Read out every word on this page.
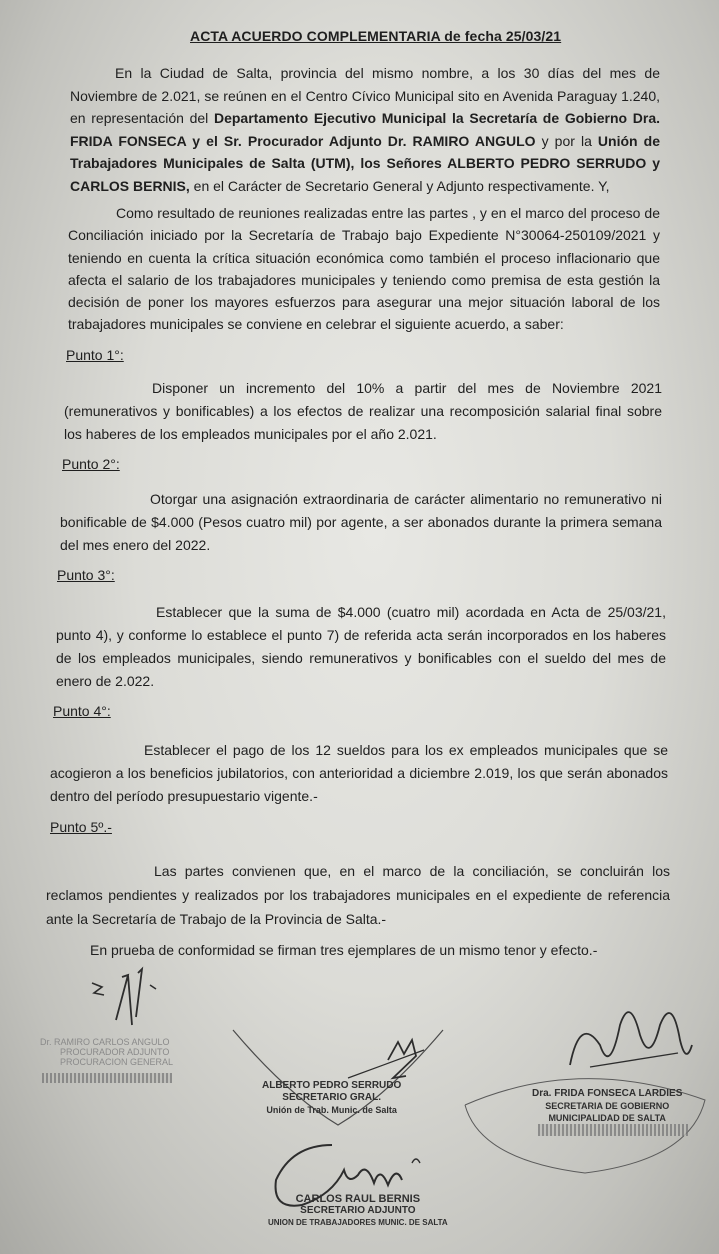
ACTA ACUERDO COMPLEMENTARIA de fecha 25/03/21

En la Ciudad de Salta, provincia del mismo nombre, a los 30 días del mes de Noviembre de 2.021, se reúnen en el Centro Cívico Municipal sito en Avenida Paraguay 1.240, en representación del Departamento Ejecutivo Municipal la Secretaría de Gobierno Dra. FRIDA FONSECA y el Sr. Procurador Adjunto Dr. RAMIRO ANGULO y por la Unión de Trabajadores Municipales de Salta (UTM), los Señores ALBERTO PEDRO SERRUDO y CARLOS BERNIS, en el Carácter de Secretario General y Adjunto respectivamente. Y,

Como resultado de reuniones realizadas entre las partes , y en el marco del proceso de Conciliación iniciado por la Secretaría de Trabajo bajo Expediente N°30064-250109/2021 y teniendo en cuenta la crítica situación económica como también el proceso inflacionario que afecta el salario de los trabajadores municipales y teniendo como premisa de esta gestión la decisión de poner los mayores esfuerzos para asegurar una mejor situación laboral de los trabajadores municipales se conviene en celebrar el siguiente acuerdo, a saber:

Punto 1°:

Disponer un incremento del 10% a partir del mes de Noviembre 2021 (remunerativos y bonificables) a los efectos de realizar una recomposición salarial final sobre los haberes de los empleados municipales por el año 2.021.

Punto 2°:

Otorgar una asignación extraordinaria de carácter alimentario no remunerativo ni bonificable de $4.000 (Pesos cuatro mil) por agente, a ser abonados durante la primera semana del mes enero del 2022.

Punto 3°:

Establecer que la suma de $4.000 (cuatro mil) acordada en Acta de 25/03/21, punto 4), y conforme lo establece el punto 7) de referida acta serán incorporados en los haberes de los empleados municipales, siendo remunerativos y bonificables con el sueldo del mes de enero de 2.022.

Punto 4°:

Establecer el pago de los 12 sueldos para los ex empleados municipales que se acogieron a los beneficios jubilatorios, con anterioridad a diciembre 2.019, los que serán abonados dentro del período presupuestario vigente.-

Punto 5º.-

Las partes convienen que, en el marco de la conciliación, se concluirán los reclamos pendientes y realizados por los trabajadores municipales en el expediente de referencia ante la Secretaría de Trabajo de la Provincia de Salta.-

En prueba de conformidad se firman tres ejemplares de un mismo tenor y efecto.-

Dr. RAMIRO CARLOS ANGULO
PROCURADOR ADJUNTO
PROCURACION GENERAL
ALBERTO PEDRO SERRUDO
SECRETARIO GRAL.
Unión de Trab. Munic. de Salta
Dra. FRIDA FONSECA LARDIES
SECRETARIA DE GOBIERNO
MUNICIPALIDAD DE SALTA
CARLOS RAUL BERNIS
SECRETARIO ADJUNTO
UNION DE TRABAJADORES MUNIC. DE SALTA
